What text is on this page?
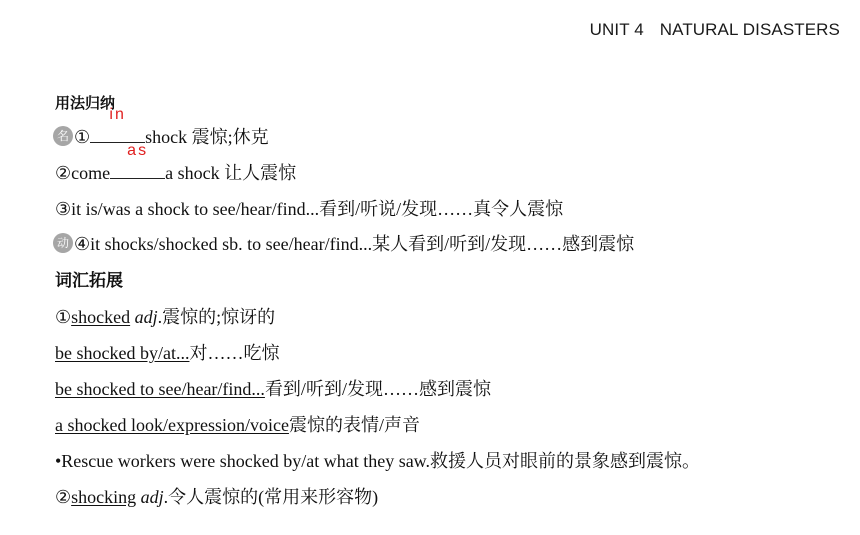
UNIT 4 NATURAL DISASTERS
用法归纳
名 ①
in
shock 震惊;休克
②come
as
a shock 让人震惊
③it is/was a shock to see/hear/find...看到/听说/发现……真令人震惊
动 ④it shocks/shocked sb. to see/hear/find...某人看到/听到/发现……感到震惊
词汇拓展
①shocked adj.震惊的;惊讶的
be shocked by/at...对……吃惊
be shocked to see/hear/find...看到/听到/发现……感到震惊
a shocked look/expression/voice震惊的表情/声音
•Rescue workers were shocked by/at what they saw.救援人员对眼前的景象感到震惊。
②shocking adj.令人震惊的(常用来形容物)
